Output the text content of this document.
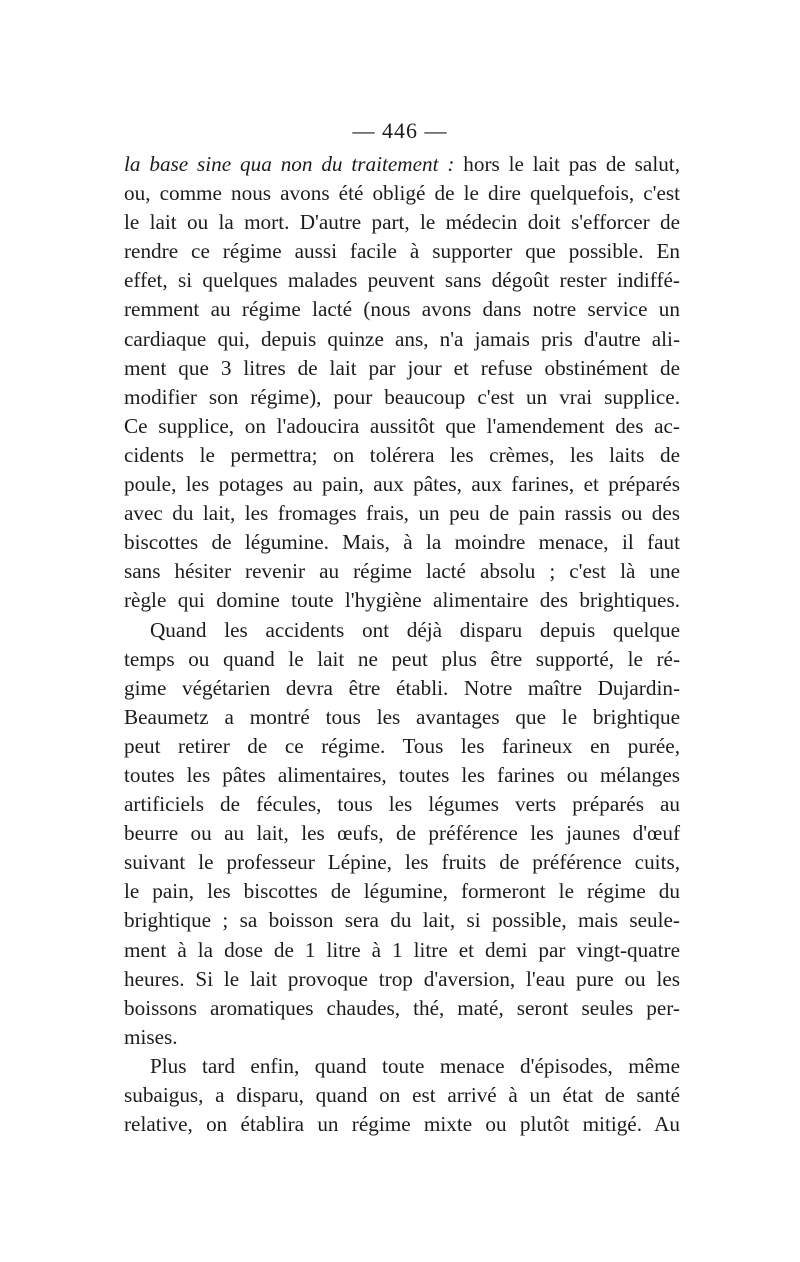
— 446 —
la base sine qua non du traitement : hors le lait pas de salut,
ou, comme nous avons été obligé de le dire quelquefois, c'est
le lait ou la mort. D'autre part, le médecin doit s'efforcer de
rendre ce régime aussi facile à supporter que possible. En
effet, si quelques malades peuvent sans dégoût rester indiffé-
remment au régime lacté (nous avons dans notre service un
cardiaque qui, depuis quinze ans, n'a jamais pris d'autre ali-
ment que 3 litres de lait par jour et refuse obstinément de
modifier son régime), pour beaucoup c'est un vrai supplice.
Ce supplice, on l'adoucira aussitôt que l'amendement des ac-
cidents le permettra; on tolérera les crèmes, les laits de
poule, les potages au pain, aux pâtes, aux farines, et préparés
avec du lait, les fromages frais, un peu de pain rassis ou des
biscottes de légumine. Mais, à la moindre menace, il faut
sans hésiter revenir au régime lacté absolu ; c'est là une
règle qui domine toute l'hygiène alimentaire des brightiques.
Quand les accidents ont déjà disparu depuis quelque
temps ou quand le lait ne peut plus être supporté, le ré-
gime végétarien devra être établi. Notre maître Dujardin-
Beaumetz a montré tous les avantages que le brightique
peut retirer de ce régime. Tous les farineux en purée,
toutes les pâtes alimentaires, toutes les farines ou mélanges
artificiels de fécules, tous les légumes verts préparés au
beurre ou au lait, les œufs, de préférence les jaunes d'œuf
suivant le professeur Lépine, les fruits de préférence cuits,
le pain, les biscottes de légumine, formeront le régime du
brightique ; sa boisson sera du lait, si possible, mais seule-
ment à la dose de 1 litre à 1 litre et demi par vingt-quatre
heures. Si le lait provoque trop d'aversion, l'eau pure ou les
boissons aromatiques chaudes, thé, maté, seront seules per-
mises.
Plus tard enfin, quand toute menace d'épisodes, même
subaigus, a disparu, quand on est arrivé à un état de santé
relative, on établira un régime mixte ou plutôt mitigé. Au
